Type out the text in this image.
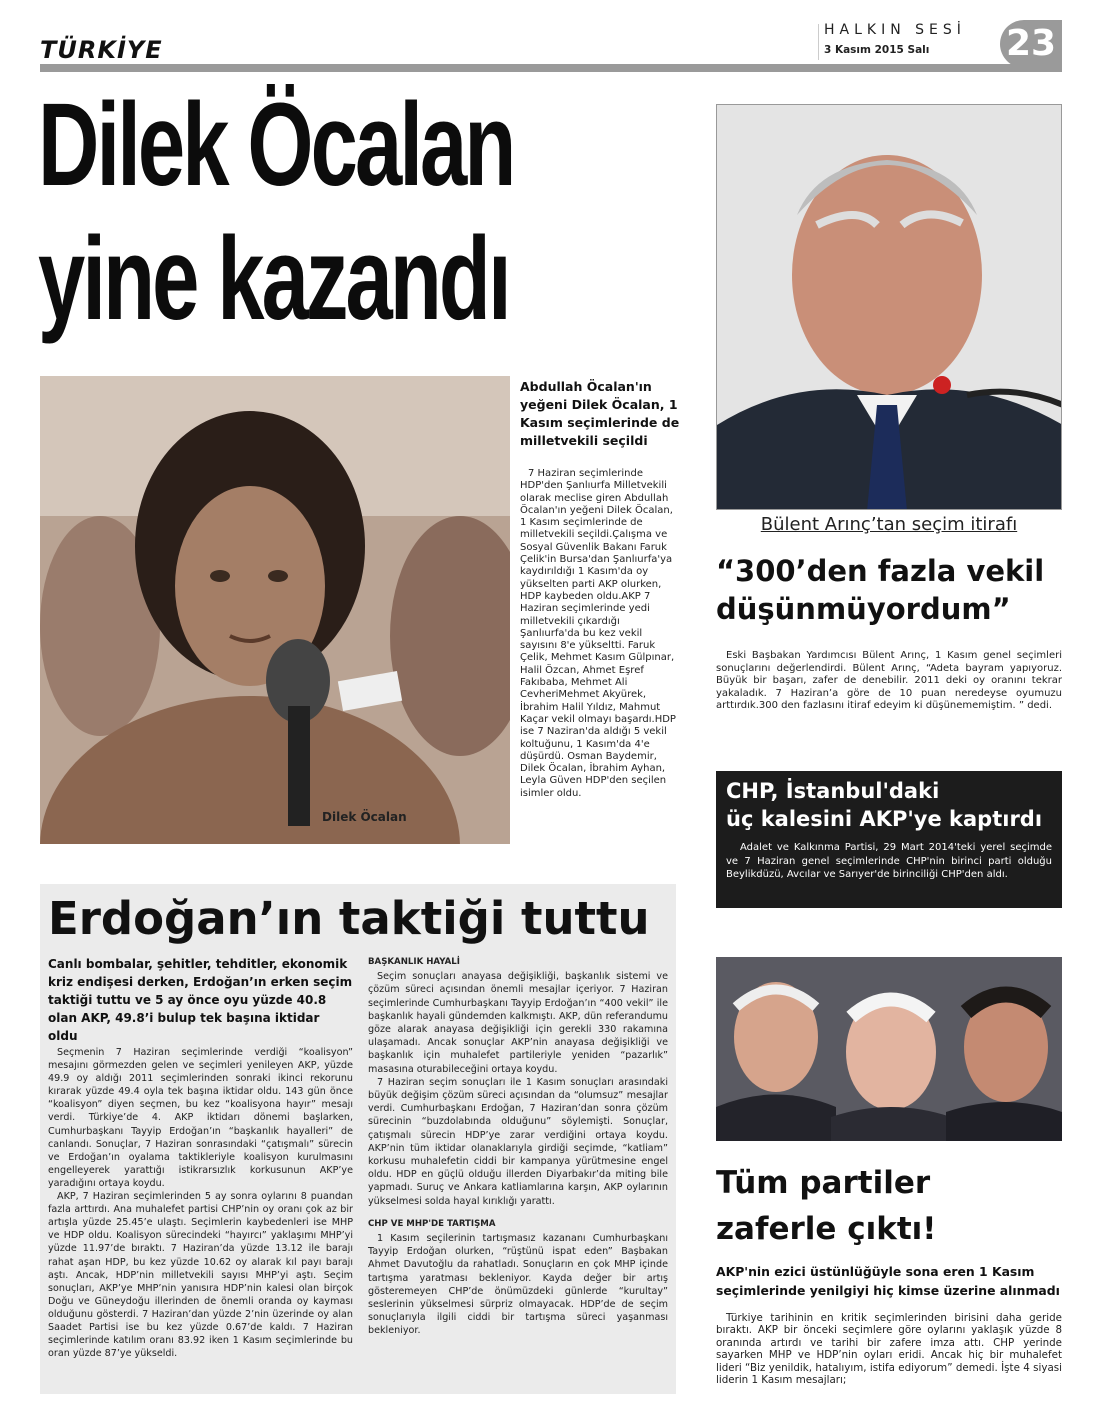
TÜRKİYE
HALKIN SESİ
3 Kasım 2015 Salı 23
Dilek Öcalan
yine kazandı
Dilek Öcalan
Abdullah Öcalan'ın yeğeni Dilek Öcalan, 1 Kasım seçimlerinde de milletvekili seçildi
7 Haziran seçimlerinde HDP'den Şanlıurfa Milletvekili olarak meclise giren Abdullah Öcalan'ın yeğeni Dilek Öcalan, 1 Kasım seçimlerinde de milletvekili seçildi.Çalışma ve Sosyal Güvenlik Bakanı Faruk Çelik'in Bursa'dan Şanlıurfa'ya kaydırıldığı 1 Kasım'da oy yükselten parti AKP olurken, HDP kaybeden oldu.AKP 7 Haziran seçimlerinde yedi milletvekili çıkardığı Şanlıurfa'da bu kez vekil sayısını 8'e yükseltti. Faruk Çelik, Mehmet Kasım Gülpınar, Halil Özcan, Ahmet Eşref Fakıbaba, Mehmet Ali CevheriMehmet Akyürek, İbrahim Halil Yıldız, Mahmut Kaçar vekil olmayı başardı.HDP ise 7 Naziran'da aldığı 5 vekil koltuğunu, 1 Kasım'da 4'e düşürdü. Osman Baydemir, Dilek Öcalan, İbrahim Ayhan, Leyla Güven HDP'den seçilen isimler oldu.
Bülent Arınç’tan seçim itirafı
“300’den fazla vekil düşünmüyordum”
Eski Başbakan Yardımcısı Bülent Arınç, 1 Kasım genel seçimleri sonuçlarını değerlendirdi. Bülent Arınç, “Adeta bayram yapıyoruz. Büyük bir başarı, zafer de denebilir. 2011 deki oy oranını tekrar yakaladık. 7 Haziran’a göre de 10 puan neredeyse oyumuzu arttırdık.300 den fazlasını itiraf edeyim ki düşünememiştim. ” dedi.
CHP, İstanbul'daki
üç kalesini AKP'ye kaptırdı
Adalet ve Kalkınma Partisi, 29 Mart 2014'teki yerel seçimde ve 7 Haziran genel seçimlerinde CHP'nin birinci parti olduğu Beylikdüzü, Avcılar ve Sarıyer'de birinciliği CHP'den aldı.
Erdoğan’ın taktiği tuttu
Canlı bombalar, şehitler, tehditler, ekonomik kriz endişesi derken, Erdoğan’ın erken seçim taktiği tuttu ve 5 ay önce oyu yüzde 40.8 olan AKP, 49.8’i bulup tek başına iktidar oldu

Seçmenin 7 Haziran seçimlerinde verdiği “koalisyon” mesajını görmezden gelen ve seçimleri yenileyen AKP, yüzde 49.9 oy aldığı 2011 seçimlerinden sonraki ikinci rekorunu kırarak yüzde 49.4 oyla tek başına iktidar oldu. 143 gün önce “koalisyon” diyen seçmen, bu kez “koalisyona hayır” mesajı verdi. Türkiye’de 4. AKP iktidarı dönemi başlarken, Cumhurbaşkanı Tayyip Erdoğan’ın “başkanlık hayalleri” de canlandı. Sonuçlar, 7 Haziran sonrasındaki “çatışmalı” sürecin ve Erdoğan’ın oyalama taktikleriyle koalisyon kurulmasını engelleyerek yarattığı istikrarsızlık korkusunun AKP’ye yaradığını ortaya koydu.

AKP, 7 Haziran seçimlerinden 5 ay sonra oylarını 8 puandan fazla arttırdı. Ana muhalefet partisi CHP’nin oy oranı çok az bir artışla yüzde 25.45’e ulaştı. Seçimlerin kaybedenleri ise MHP ve HDP oldu. Koalisyon sürecindeki “hayırcı” yaklaşımı MHP’yi yüzde 11.97’de bıraktı. 7 Haziran’da yüzde 13.12 ile barajı rahat aşan HDP, bu kez yüzde 10.62 oy alarak kıl payı barajı aştı. Ancak, HDP’nin milletvekili sayısı MHP’yi aştı. Seçim sonuçları, AKP’ye MHP’nin yanısıra HDP’nin kalesi olan birçok Doğu ve Güneydoğu illerinden de önemli oranda oy kayması olduğunu gösterdi. 7 Haziran’dan yüzde 2’nin üzerinde oy alan Saadet Partisi ise bu kez yüzde 0.67’de kaldı. 7 Haziran seçimlerinde katılım oranı 83.92 iken 1 Kasım seçimlerinde bu oran yüzde 87’ye yükseldi.

BAŞKANLIK HAYALİ

Seçim sonuçları anayasa değişikliği, başkanlık sistemi ve çözüm süreci açısından önemli mesajlar içeriyor. 7 Haziran seçimlerinde Cumhurbaşkanı Tayyip Erdoğan’ın “400 vekil” ile başkanlık hayali gündemden kalkmıştı. AKP, dün referandumu göze alarak anayasa değişikliği için gerekli 330 rakamına ulaşamadı. Ancak sonuçlar AKP’nin anayasa değişikliği ve başkanlık için muhalefet partileriyle yeniden “pazarlık” masasına oturabileceğini ortaya koydu.

7 Haziran seçim sonuçları ile 1 Kasım sonuçları arasındaki büyük değişim çözüm süreci açısından da “olumsuz” mesajlar verdi. Cumhurbaşkanı Erdoğan, 7 Haziran’dan sonra çözüm sürecinin “buzdolabında olduğunu” söylemişti. Sonuçlar, çatışmalı sürecin HDP’ye zarar verdiğini ortaya koydu. AKP’nin tüm iktidar olanaklarıyla girdiği seçimde, “katliam” korkusu muhalefetin ciddi bir kampanya yürütmesine engel oldu. HDP en güçlü olduğu illerden Diyarbakır’da miting bile yapmadı. Suruç ve Ankara katliamlarına karşın, AKP oylarının yükselmesi solda hayal kırıklığı yarattı.

CHP VE MHP'DE TARTIŞMA

1 Kasım seçilerinin tartışmasız kazananı Cumhurbaşkanı Tayyip Erdoğan olurken, “rüştünü ispat eden” Başbakan Ahmet Davutoğlu da rahatladı. Sonuçların en çok MHP içinde tartışma yaratması bekleniyor. Kayda değer bir artış gösteremeyen CHP’de önümüzdeki günlerde “kurultay” seslerinin yükselmesi sürpriz olmayacak. HDP’de de seçim sonuçlarıyla ilgili ciddi bir tartışma süreci yaşanması bekleniyor.

Tüm partiler
zaferle çıktı!
AKP'nin ezici üstünlüğüyle sona eren 1 Kasım seçimlerinde yenilgiyi hiç kimse üzerine alınmadı
Türkiye tarihinin en kritik seçimlerinden birisini daha geride bıraktı. AKP bir önceki seçimlere göre oylarını yaklaşık yüzde 8 oranında artırdı ve tarihi bir zafere imza attı. CHP yerinde sayarken MHP ve HDP’nin oyları eridi. Ancak hiç bir muhalefet lideri “Biz yenildik, hatalıyım, istifa ediyorum” demedi. İşte 4 siyasi liderin 1 Kasım mesajları;
